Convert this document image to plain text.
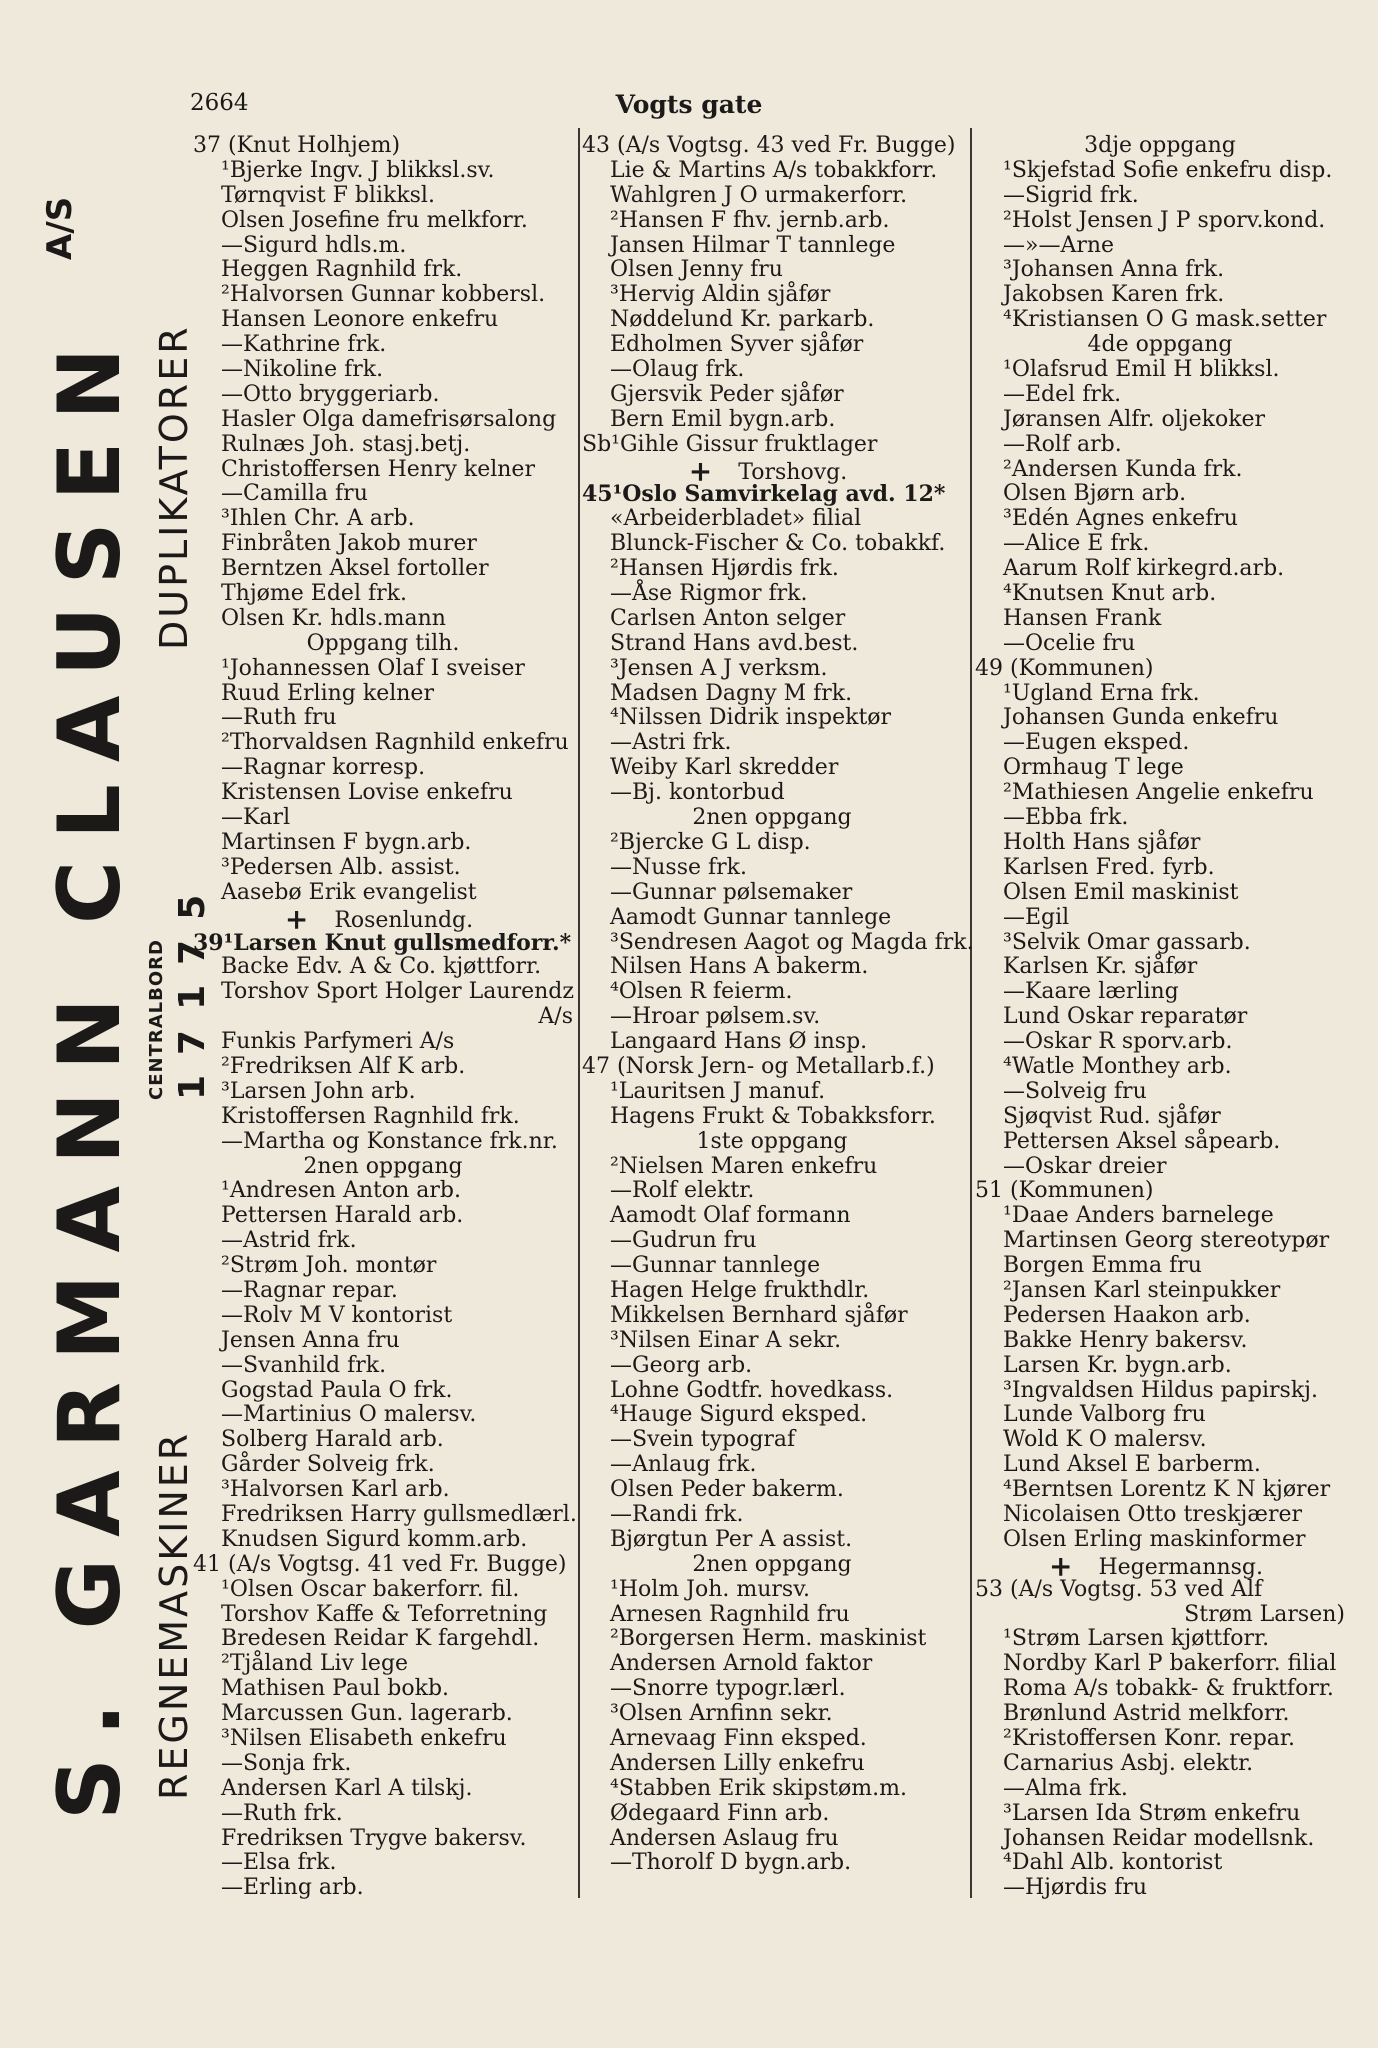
2664	Vogts gate
S. GARMANN CLAUSEN
A/S
REGNEMASKINER
DUPLIKATORER
CENTRALBORD 17175
37 (Knut Holhjem)
¹Bjerke Ingv. J blikksl.sv.
Tørnqvist F blikksl.
Olsen Josefine fru melkforr.
—Sigurd hdls.m.
Heggen Ragnhild frk.
²Halvorsen Gunnar kobbersl.
Hansen Leonore enkefru
—Kathrine frk.
—Nikoline frk.
—Otto bryggeriarb.
Hasler Olga damefrisørsalong
Rulnæs Joh. stasj.betj.
Christoffersen Henry kelner
—Camilla fru
³Ihlen Chr. A arb.
Finbråten Jakob murer
Berntzen Aksel fortoller
Thjøme Edel frk.
Olsen Kr. hdls.mann
Oppgang tilh.
¹Johannessen Olaf I sveiser
Ruud Erling kelner
—Ruth fru
²Thorvaldsen Ragnhild enkefru
—Ragnar korresp.
Kristensen Lovise enkefru
—Karl
Martinsen F bygn.arb.
³Pedersen Alb. assist.
Aasebø Erik evangelist
+ Rosenlundg.
39¹Larsen Knut gullsmedforr.*
Backe Edv. A & Co. kjøttforr.
Torshov Sport Holger Laurendz
A/s
Funkis Parfymeri A/s
²Fredriksen Alf K arb.
³Larsen John arb.
Kristoffersen Ragnhild frk.
—Martha og Konstance frk.nr.
2nen oppgang
¹Andresen Anton arb.
Pettersen Harald arb.
—Astrid frk.
²Strøm Joh. montør
—Ragnar repar.
—Rolv M V kontorist
Jensen Anna fru
—Svanhild frk.
Gogstad Paula O frk.
—Martinius O malersv.
Solberg Harald arb.
Gårder Solveig frk.
³Halvorsen Karl arb.
Fredriksen Harry gullsmedlærl.
Knudsen Sigurd komm.arb.
41 (A/s Vogtsg. 41 ved Fr. Bugge)
¹Olsen Oscar bakerforr. fil.
Torshov Kaffe & Teforretning
Bredesen Reidar K fargehdl.
²Tjåland Liv lege
Mathisen Paul bokb.
Marcussen Gun. lagerarb.
³Nilsen Elisabeth enkefru
—Sonja frk.
Andersen Karl A tilskj.
—Ruth frk.
Fredriksen Trygve bakersv.
—Elsa frk.
—Erling arb.
43 (A/s Vogtsg. 43 ved Fr. Bugge)
Lie & Martins A/s tobakkforr.
Wahlgren J O urmakerforr.
²Hansen F fhv. jernb.arb.
Jansen Hilmar T tannlege
Olsen Jenny fru
³Hervig Aldin sjåfør
Nøddelund Kr. parkarb.
Edholmen Syver sjåfør
—Olaug frk.
Gjersvik Peder sjåfør
Bern Emil bygn.arb.
Sb¹Gihle Gissur fruktlager
+ Torshovg.
45¹Oslo Samvirkelag avd. 12*
«Arbeiderbladet» filial
Blunck-Fischer & Co. tobakkf.
²Hansen Hjørdis frk.
—Åse Rigmor frk.
Carlsen Anton selger
Strand Hans avd.best.
³Jensen A J verksm.
Madsen Dagny M frk.
⁴Nilssen Didrik inspektør
—Astri frk.
Weiby Karl skredder
—Bj. kontorbud
2nen oppgang
²Bjercke G L disp.
—Nusse frk.
—Gunnar pølsemaker
Aamodt Gunnar tannlege
³Sendresen Aagot og Magda frk.
Nilsen Hans A bakerm.
⁴Olsen R feierm.
—Hroar pølsem.sv.
Langaard Hans Ø insp.
47 (Norsk Jern- og Metallarb.f.)
¹Lauritsen J manuf.
Hagens Frukt & Tobakksforr.
1ste oppgang
²Nielsen Maren enkefru
—Rolf elektr.
Aamodt Olaf formann
—Gudrun fru
—Gunnar tannlege
Hagen Helge frukthdlr.
Mikkelsen Bernhard sjåfør
³Nilsen Einar A sekr.
—Georg arb.
Lohne Godtfr. hovedkass.
⁴Hauge Sigurd eksped.
—Svein typograf
—Anlaug frk.
Olsen Peder bakerm.
—Randi frk.
Bjørgtun Per A assist.
2nen oppgang
¹Holm Joh. mursv.
Arnesen Ragnhild fru
²Borgersen Herm. maskinist
Andersen Arnold faktor
—Snorre typogr.lærl.
³Olsen Arnfinn sekr.
Arnevaag Finn eksped.
Andersen Lilly enkefru
⁴Stabben Erik skipstøm.m.
Ødegaard Finn arb.
Andersen Aslaug fru
—Thorolf D bygn.arb.
3dje oppgang
¹Skjefstad Sofie enkefru disp.
—Sigrid frk.
²Holst Jensen J P sporv.kond.
—»—Arne
³Johansen Anna frk.
Jakobsen Karen frk.
⁴Kristiansen O G mask.setter
4de oppgang
¹Olafsrud Emil H blikksl.
—Edel frk.
Jøransen Alfr. oljekoker
—Rolf arb.
²Andersen Kunda frk.
Olsen Bjørn arb.
³Edén Agnes enkefru
—Alice E frk.
Aarum Rolf kirkegrd.arb.
⁴Knutsen Knut arb.
Hansen Frank
—Ocelie fru
49 (Kommunen)
¹Ugland Erna frk.
Johansen Gunda enkefru
—Eugen eksped.
Ormhaug T lege
²Mathiesen Angelie enkefru
—Ebba frk.
Holth Hans sjåfør
Karlsen Fred. fyrb.
Olsen Emil maskinist
—Egil
³Selvik Omar gassarb.
Karlsen Kr. sjåfør
—Kaare lærling
Lund Oskar reparatør
—Oskar R sporv.arb.
⁴Watle Monthey arb.
—Solveig fru
Sjøqvist Rud. sjåfør
Pettersen Aksel såpearb.
—Oskar dreier
51 (Kommunen)
¹Daae Anders barnelege
Martinsen Georg stereotypør
Borgen Emma fru
²Jansen Karl steinpukker
Pedersen Haakon arb.
Bakke Henry bakersv.
Larsen Kr. bygn.arb.
³Ingvaldsen Hildus papirskj.
Lunde Valborg fru
Wold K O malersv.
Lund Aksel E barberm.
⁴Berntsen Lorentz K N kjører
Nicolaisen Otto treskjærer
Olsen Erling maskinformer
+ Hegermannsg.
53 (A/s Vogtsg. 53 ved Alf
Strøm Larsen)
¹Strøm Larsen kjøttforr.
Nordby Karl P bakerforr. filial
Roma A/s tobakk- & fruktforr.
Brønlund Astrid melkforr.
²Kristoffersen Konr. repar.
Carnarius Asbj. elektr.
—Alma frk.
³Larsen Ida Strøm enkefru
Johansen Reidar modellsnk.
⁴Dahl Alb. kontorist
—Hjørdis fru
